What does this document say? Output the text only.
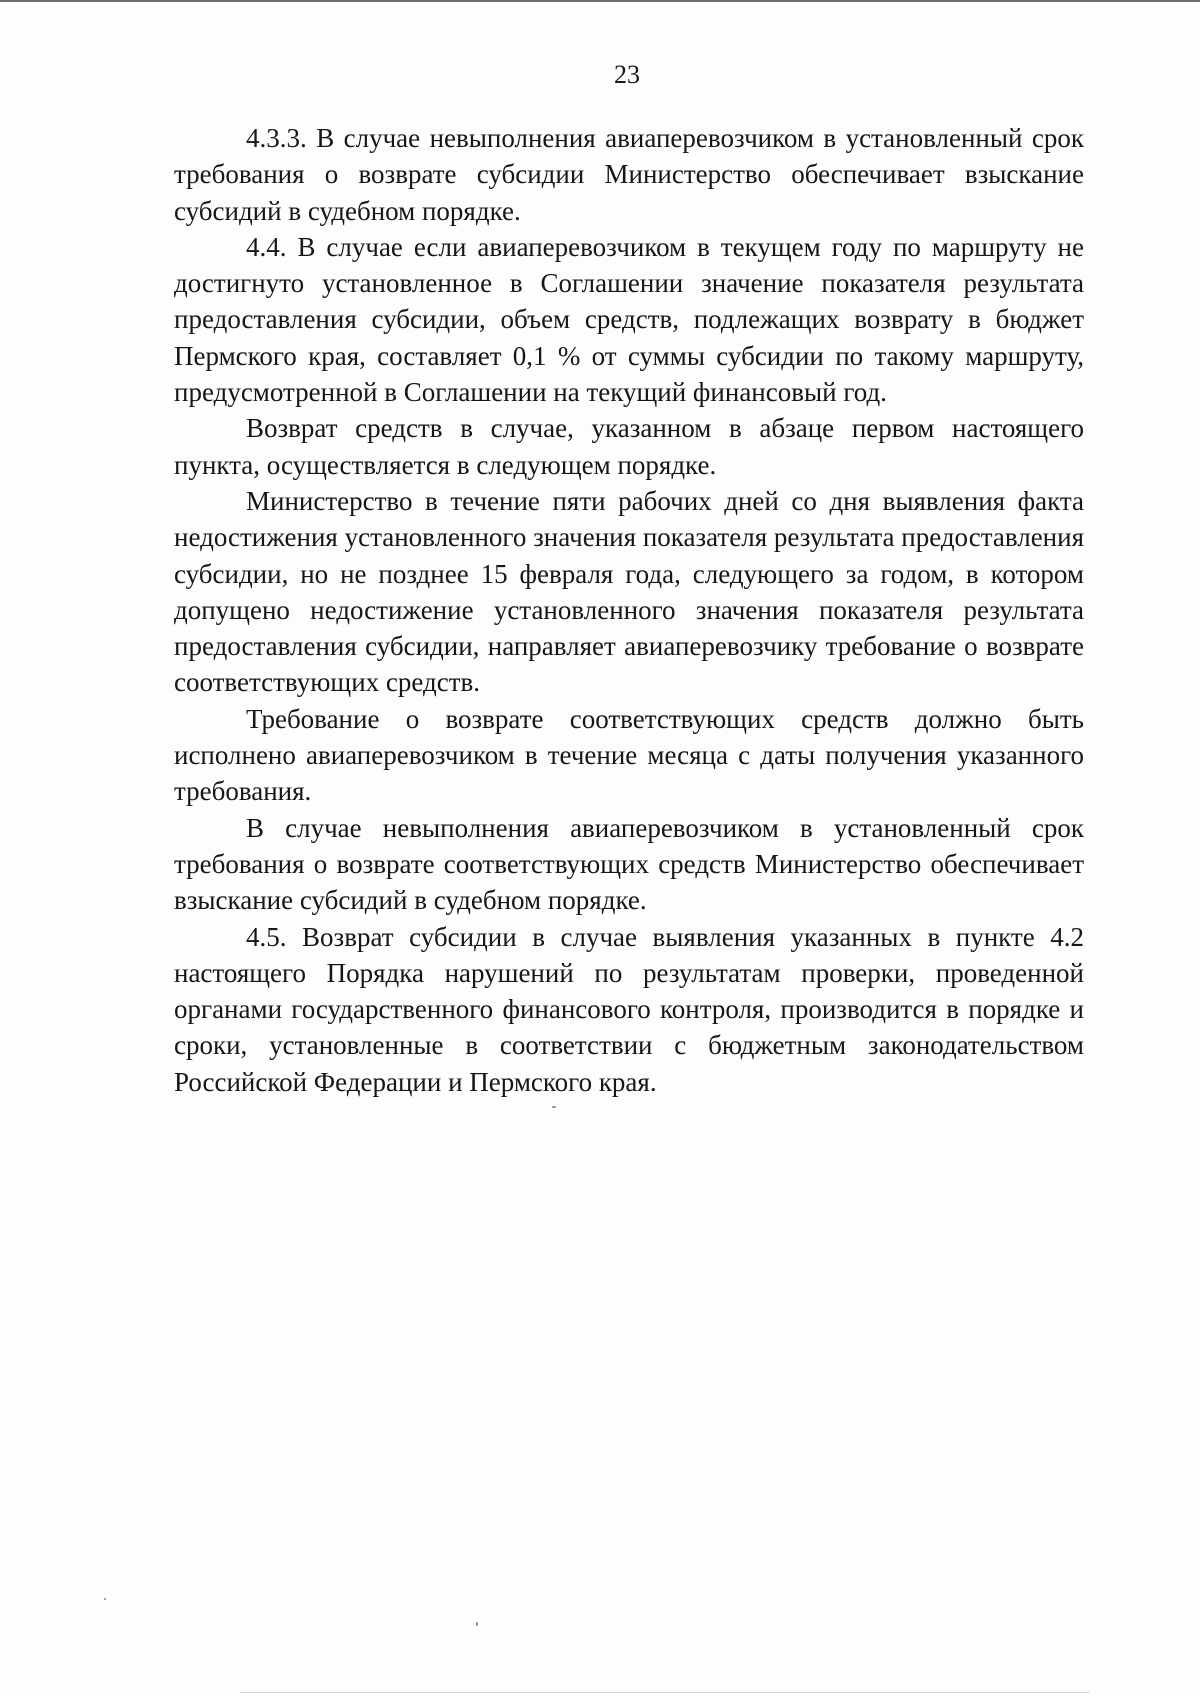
23

4.3.3. В случае невыполнения авиаперевозчиком в установленный срок требования о возврате субсидии Министерство обеспечивает взыскание субсидий в судебном порядке.

4.4. В случае если авиаперевозчиком в текущем году по маршруту не достигнуто установленное в Соглашении значение показателя результата предоставления субсидии, объем средств, подлежащих возврату в бюджет Пермского края, составляет 0,1 % от суммы субсидии по такому маршруту, предусмотренной в Соглашении на текущий финансовый год.

Возврат средств в случае, указанном в абзаце первом настоящего пункта, осуществляется в следующем порядке.

Министерство в течение пяти рабочих дней со дня выявления факта недостижения установленного значения показателя результата предоставления субсидии, но не позднее 15 февраля года, следующего за годом, в котором допущено недостижение установленного значения показателя результата предоставления субсидии, направляет авиаперевозчику требование о возврате соответствующих средств.

Требование о возврате соответствующих средств должно быть исполнено авиаперевозчиком в течение месяца с даты получения указанного требования.

В случае невыполнения авиаперевозчиком в установленный срок требования о возврате соответствующих средств Министерство обеспечивает взыскание субсидий в судебном порядке.

4.5. Возврат субсидии в случае выявления указанных в пункте 4.2 настоящего Порядка нарушений по результатам проверки, проведенной органами государственного финансового контроля, производится в порядке и сроки, установленные в соответствии с бюджетным законодательством Российской Федерации и Пермского края.
